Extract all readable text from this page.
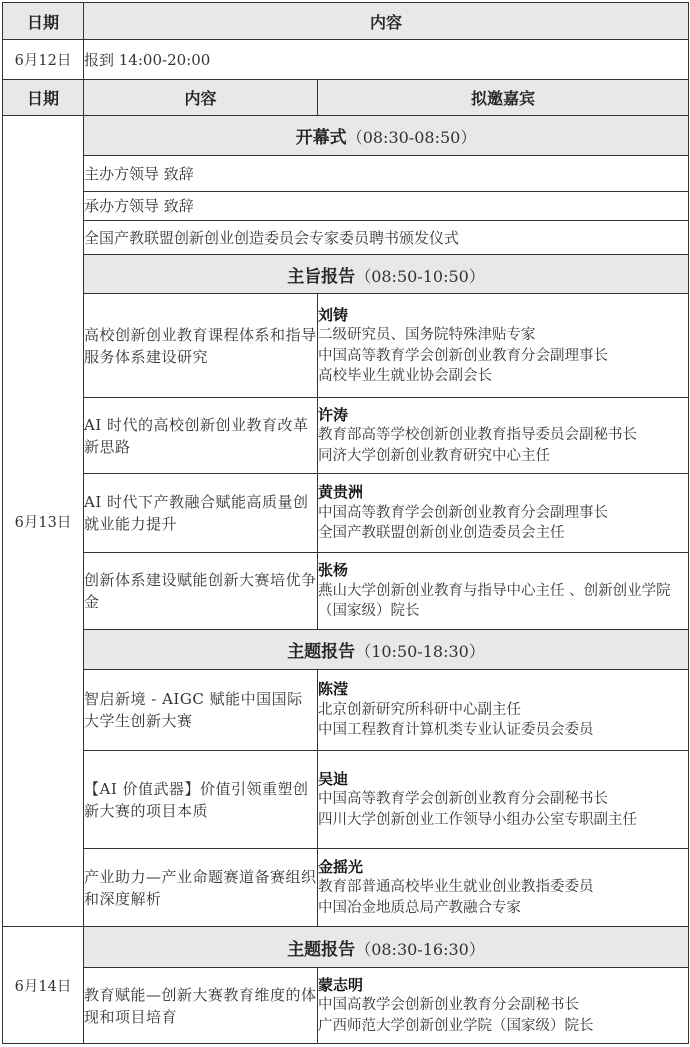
日期	内容	
6月12日	报到 14:00-20:00	
日期	内容	拟邀嘉宾
6月13日	开幕式（08:30-08:50）	
	主办方领导 致辞	
	承办方领导 致辞	
	全国产教联盟创新创业创造委员会专家委员聘书颁发仪式	
	主旨报告（08:50-10:50）	
	高校创新创业教育课程体系和指导服务体系建设研究	刘铸
二级研究员、国务院特殊津贴专家
中国高等教育学会创新创业教育分会副理事长
高校毕业生就业协会副会长

	AI 时代的高校创新创业教育改革新思路	许涛
教育部高等学校创新创业教育指导委员会副秘书长
同济大学创新创业教育研究中心主任

	AI 时代下产教融合赋能高质量创就业能力提升	黄贵洲
中国高等教育学会创新创业教育分会副理事长
全国产教联盟创新创业创造委员会主任

	创新体系建设赋能创新大赛培优争金	张杨
燕山大学创新创业教育与指导中心主任 、创新创业学院（国家级）院长

	主题报告（10:50-18:30）	
	智启新境 - AIGC 赋能中国国际大学生创新大赛	陈滢
北京创新研究所科研中心副主任
中国工程教育计算机类专业认证委员会委员

	【AI 价值武器】价值引领重塑创新大赛的项目本质	吴迪
中国高等教育学会创新创业教育分会副秘书长
四川大学创新创业工作领导小组办公室专职副主任

	产业助力—产业命题赛道备赛组织和深度解析	金摇光
教育部普通高校毕业生就业创业教指委委员
中国冶金地质总局产教融合专家

6月14日	主题报告（08:30-16:30）	
	教育赋能—创新大赛教育维度的体现和项目培育	蒙志明
中国高教学会创新创业教育分会副秘书长
广西师范大学创新创业学院（国家级）院长
